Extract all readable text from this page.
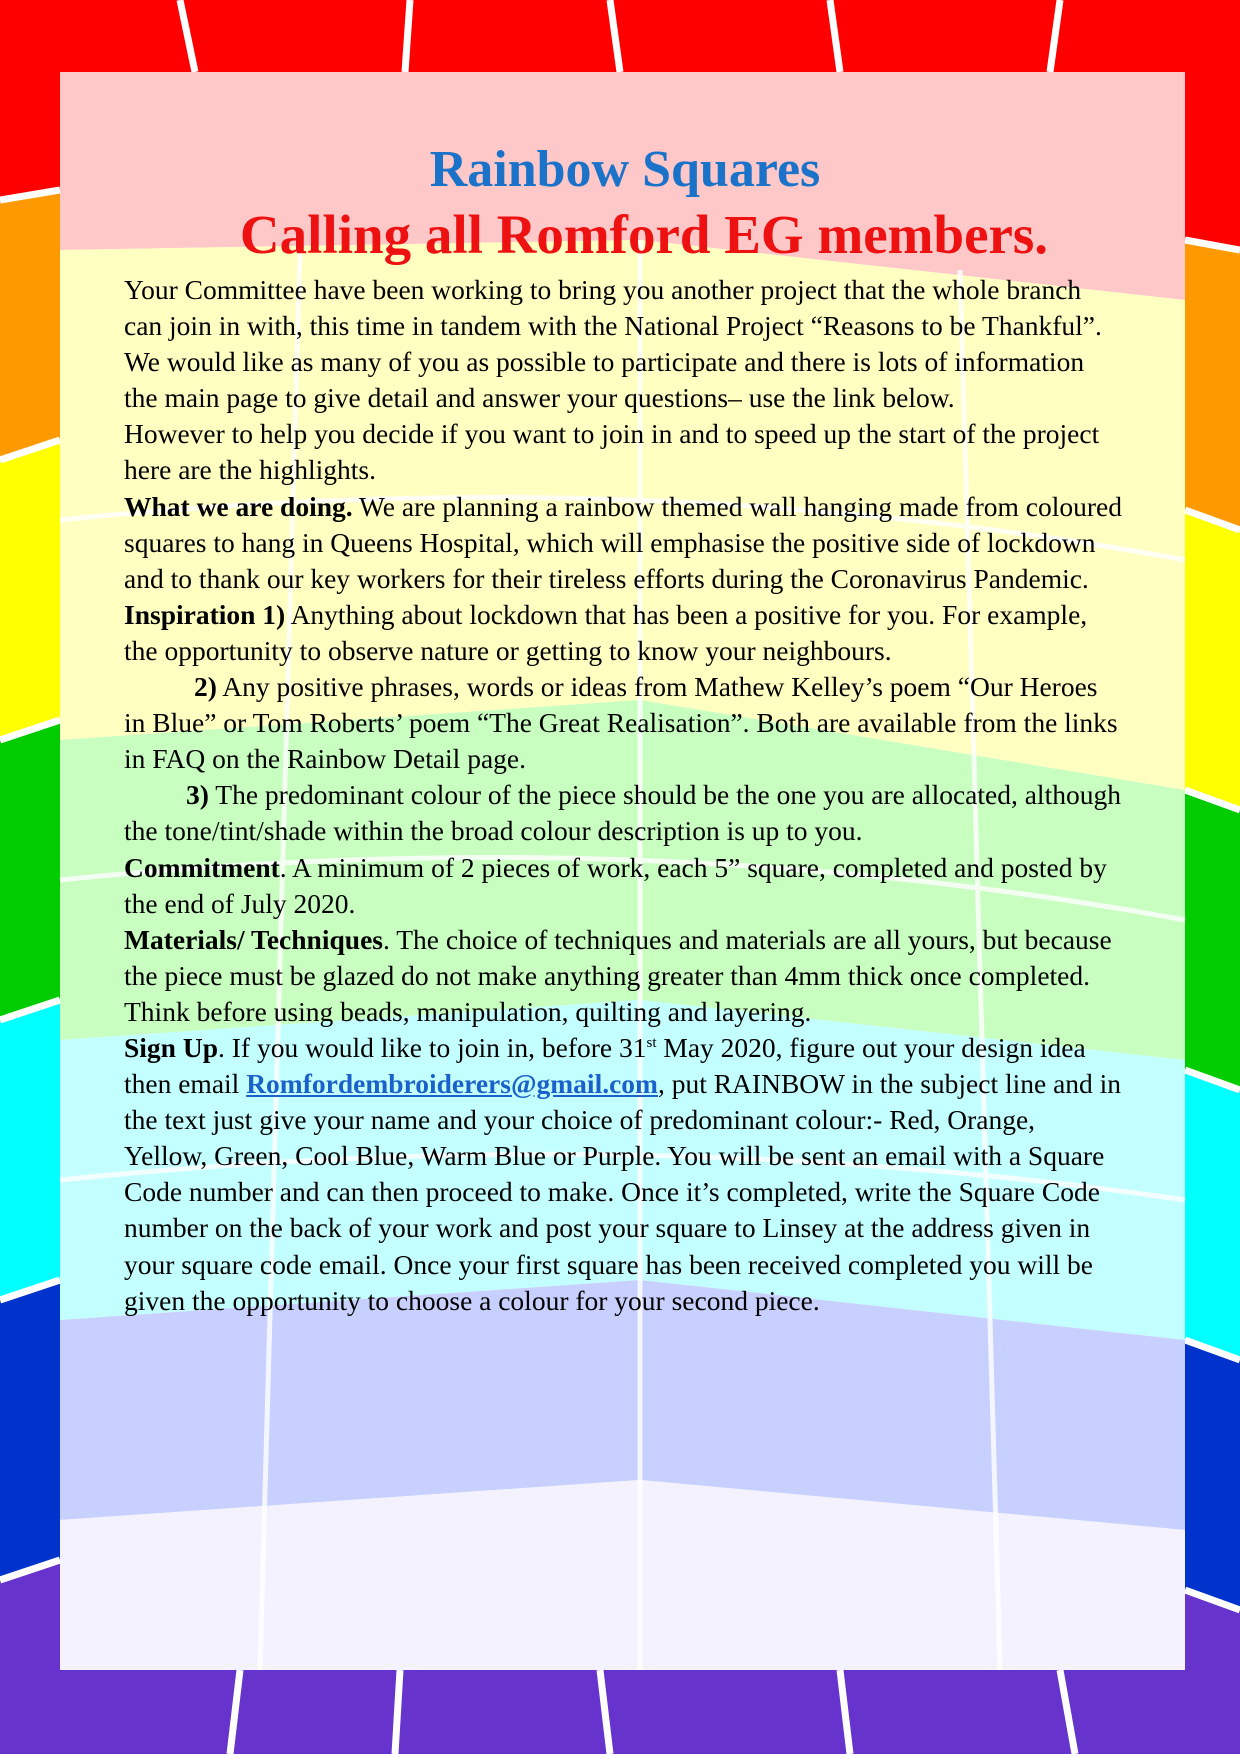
Rainbow Squares
Calling all Romford EG members.

Your Committee have been working to bring you another project that the whole branch can join in with, this time in tandem with the National Project “Reasons to be Thankful”.

We would like as many of you as possible to participate and there is lots of information the main page to give detail and answer your questions– use the link below.

However to help you decide if you want to join in and to speed up the start of the project here are the highlights.

What we are doing. We are planning a rainbow themed wall hanging made from coloured squares to hang in Queens Hospital, which will emphasise the positive side of lockdown and to thank our key workers for their tireless efforts during the Coronavirus Pandemic.

Inspiration 1) Anything about lockdown that has been a positive for you. For example, the opportunity to observe nature or getting to know your neighbours.

2) Any positive phrases, words or ideas from Mathew Kelley’s poem “Our Heroes in Blue” or Tom Roberts’ poem “The Great Realisation”. Both are available from the links in FAQ on the Rainbow Detail page.

3) The predominant colour of the piece should be the one you are allocated, although the tone/tint/shade within the broad colour description is up to you.

Commitment. A minimum of 2 pieces of work, each 5” square, completed and posted by the end of July 2020.

Materials/ Techniques. The choice of techniques and materials are all yours, but because the piece must be glazed do not make anything greater than 4mm thick once completed. Think before using beads, manipulation, quilting and layering.

Sign Up. If you would like to join in, before 31st May 2020, figure out your design idea then email Romfordembroiderers@gmail.com, put RAINBOW in the subject line and in the text just give your name and your choice of predominant colour:- Red, Orange, Yellow, Green, Cool Blue, Warm Blue or Purple. You will be sent an email with a Square Code number and can then proceed to make. Once it’s completed, write the Square Code number on the back of your work and post your square to Linsey at the address given in your square code email. Once your first square has been received completed you will be given the opportunity to choose a colour for your second piece.
